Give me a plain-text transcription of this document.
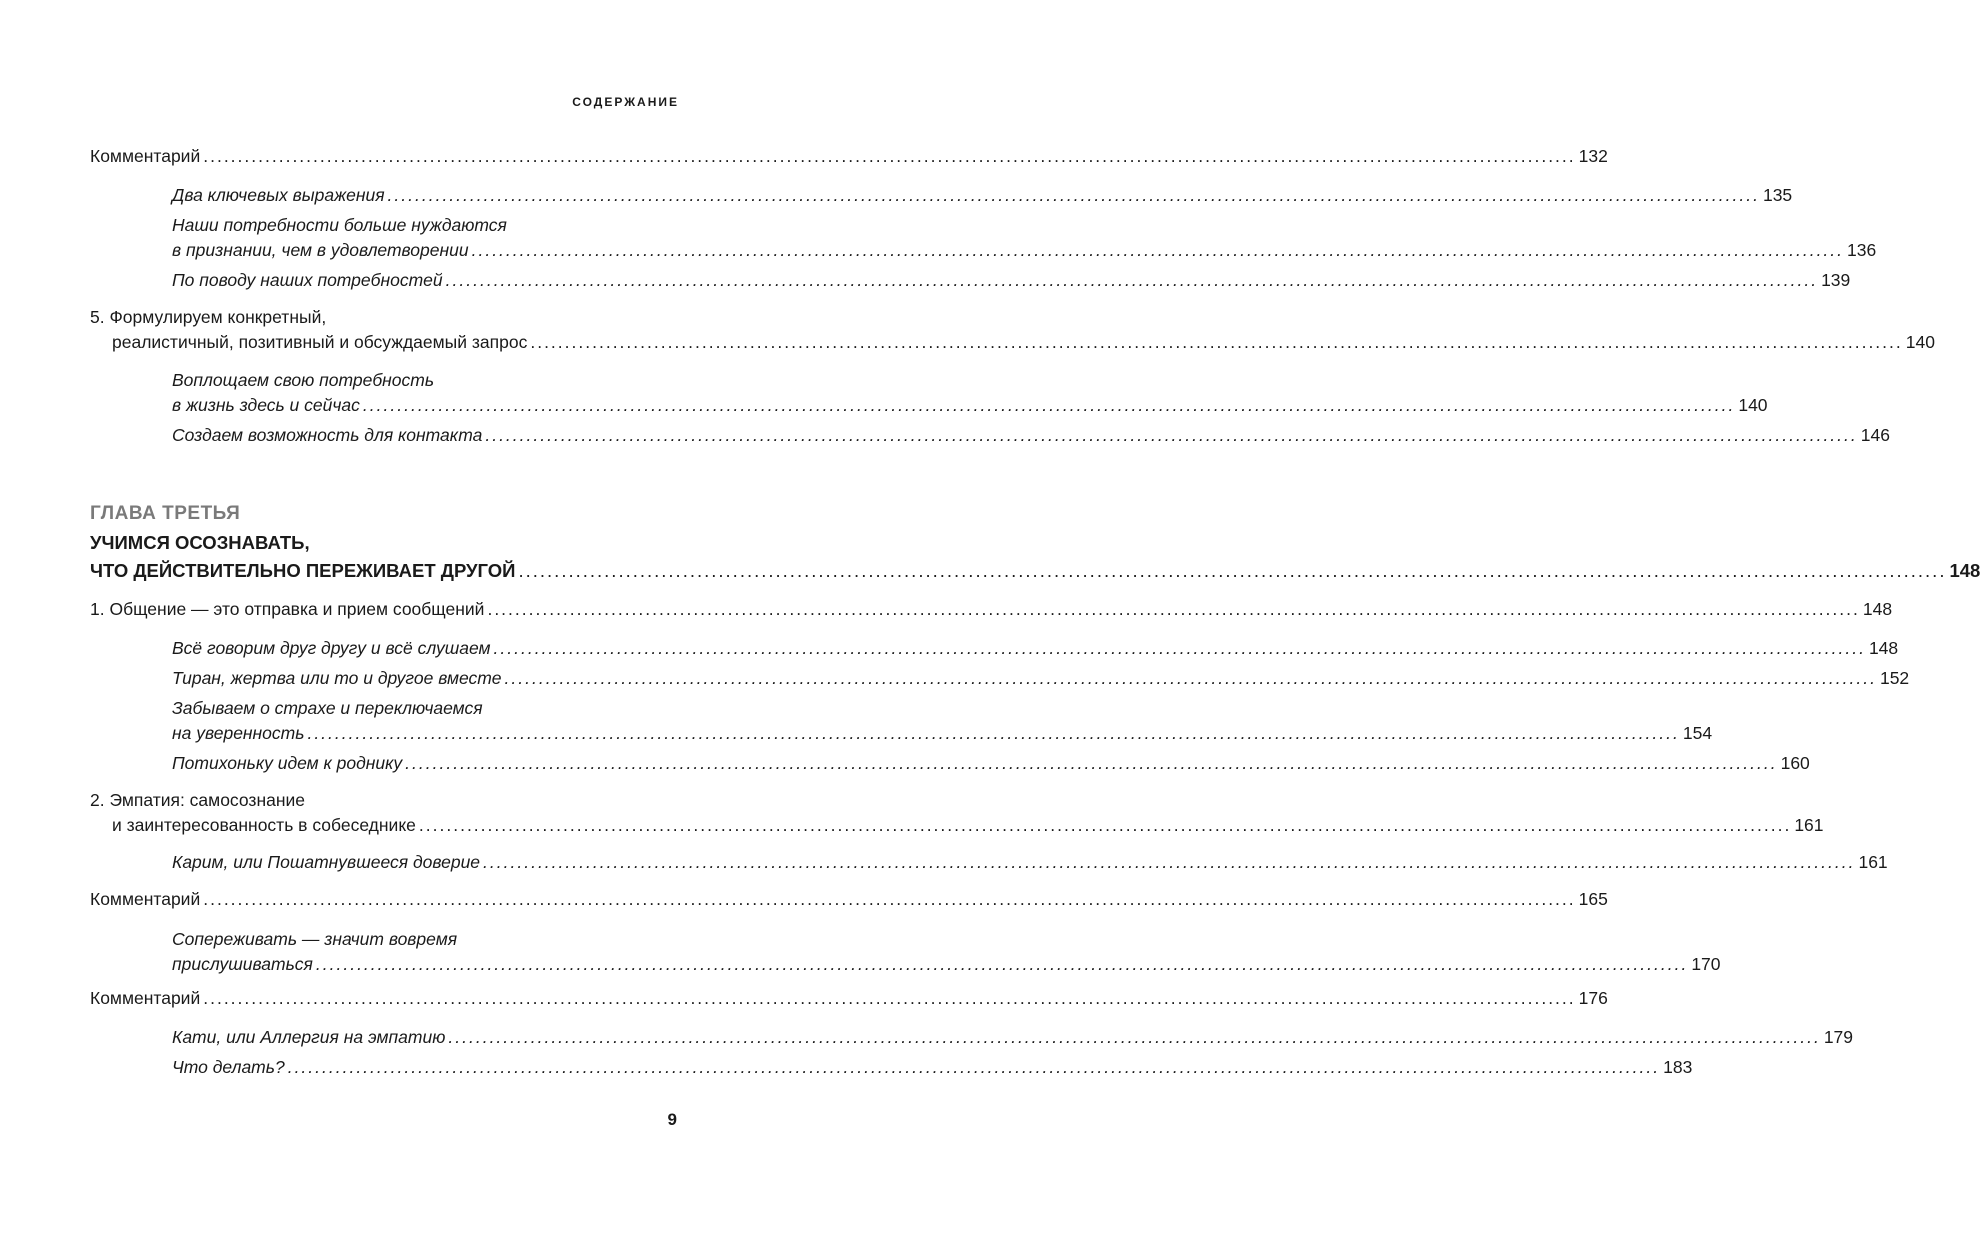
СОДЕРЖАНИЕ
Комментарий .....	132
Два ключевых выражения .....	135
Наши потребности больше нуждаются
в признании, чем в удовлетворении .....	136
По поводу наших потребностей .....	139
5. Формулируем конкретный,
реалистичный, позитивный и обсуждаемый запрос .....	140
Воплощаем свою потребность
в жизнь здесь и сейчас .....	140
Создаем возможность для контакта .....	146
ГЛАВА ТРЕТЬЯ
УЧИМСЯ ОСОЗНАВАТЬ,
ЧТО ДЕЙСТВИТЕЛЬНО ПЕРЕЖИВАЕТ ДРУГОЙ .....	148
1. Общение — это отправка и прием сообщений .....	148
Всё говорим друг другу и всё слушаем .....	148
Тиран, жертва или то и другое вместе .....	152
Забываем о страхе и переключаемся
на уверенность .....	154
Потихоньку идем к роднику .....	160
2. Эмпатия: самосознание
и заинтересованность в собеседнике .....	161
Карим, или Пошатнувшееся доверие .....	161
Комментарий .....	165
Сопереживать — значит вовремя
прислушиваться .....	170
Комментарий .....	176
Кати, или Аллергия на эмпатию .....	179
Что делать? .....	183
9
